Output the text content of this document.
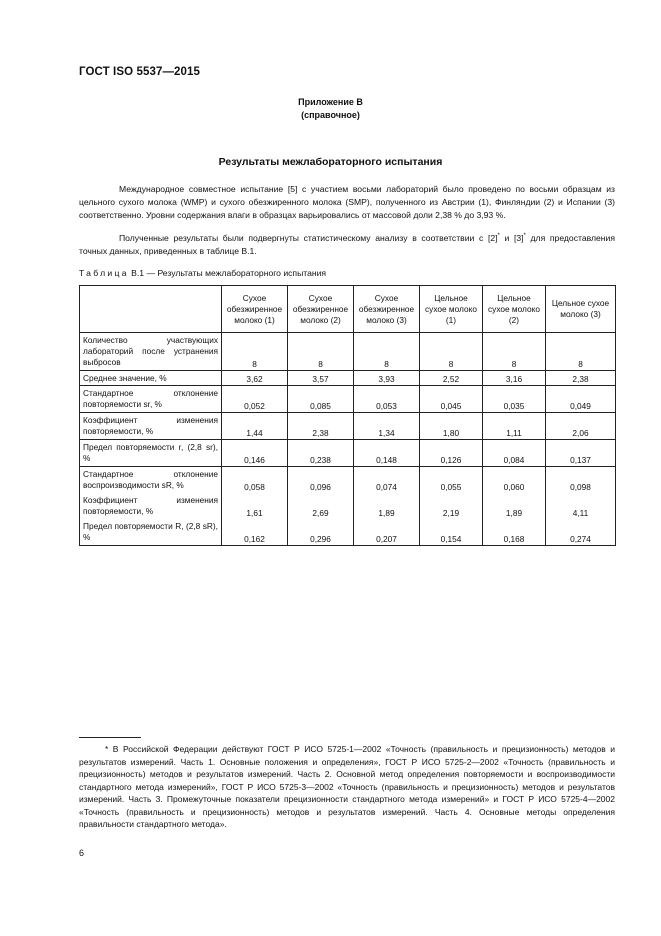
ГОСТ ISO 5537—2015
Приложение В
(справочное)
Результаты межлабораторного испытания
Международное совместное испытание [5] с участием восьми лабораторий было проведено по восьми образцам из цельного сухого молока (WMP) и сухого обезжиренного молока (SMP), полученного из Австрии (1), Финляндии (2) и Испании (3) соответственно. Уровни содержания влаги в образцах варьировались от массовой доли 2,38 % до 3,93 %.
Полученные результаты были подвергнуты статистическому анализу в соответствии с [2]* и [3]* для предоставления точных данных, приведенных в таблице В.1.
Таблица В.1 — Результаты межлабораторного испытания
	Сухое обезжиренное молоко (1)	Сухое обезжиренное молоко (2)	Сухое обезжиренное молоко (3)	Цельное сухое молоко (1)	Цельное сухое молоко (2)	Цельное сухое молоко (3)
Количество участвующих лабораторий после устранения выбросов	8	8	8	8	8	8
Среднее значение, %	3,62	3,57	3,93	2,52	3,16	2,38
Стандартное отклонение повторяемости sr, %	0,052	0,085	0,053	0,045	0,035	0,049
Коэффициент изменения повторяемости, %	1,44	2,38	1,34	1,80	1,11	2,06
Предел повторяемости r, (2,8 sr), %	0,146	0,238	0,148	0,126	0,084	0,137
Стандартное отклонение воспроизводимости sR, %	0,058	0,096	0,074	0,055	0,060	0,098
Коэффициент изменения повторяемости, %	1,61	2,69	1,89	2,19	1,89	4,11
Предел повторяемости R, (2,8 sR), %	0,162	0,296	0,207	0,154	0,168	0,274
* В Российской Федерации действуют ГОСТ Р ИСО 5725-1—2002 «Точность (правильность и прецизионность) методов и результатов измерений. Часть 1. Основные положения и определения», ГОСТ Р ИСО 5725-2—2002 «Точность (правильность и прецизионность) методов и результатов измерений. Часть 2. Основной метод определения повторяемости и воспроизводимости стандартного метода измерений», ГОСТ Р ИСО 5725-3—2002 «Точность (правильность и прецизионность) методов и результатов измерений. Часть 3. Промежуточные показатели прецизионности стандартного метода измерений» и ГОСТ Р ИСО 5725-4—2002 «Точность (правильность и прецизионность) методов и результатов измерений. Часть 4. Основные методы определения правильности стандартного метода».
6
